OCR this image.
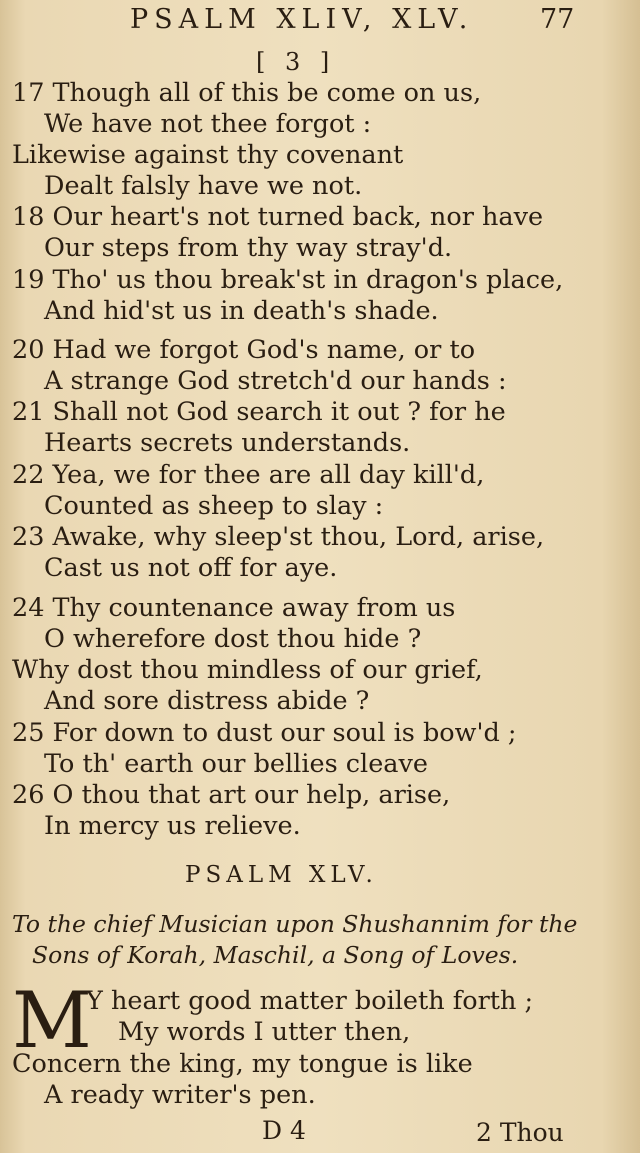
PSALM XLIV, XLV. 77
[ 3 ]
17 Though all of this be come on us,
We have not thee forgot :
Likewise against thy covenant
Dealt falsly have we not.
18 Our heart's not turned back, nor have
Our steps from thy way stray'd.
19 Tho' us thou break'st in dragon's place,
And hid'st us in death's shade.
20 Had we forgot God's name, or to
A strange God stretch'd our hands :
21 Shall not God search it out ? for he
Hearts secrets understands.
22 Yea, we for thee are all day kill'd,
Counted as sheep to slay :
23 Awake, why sleep'st thou, Lord, arise,
Cast us not off for aye.
24 Thy countenance away from us
O wherefore dost thou hide ?
Why dost thou mindless of our grief,
And sore distress abide ?
25 For down to dust our soul is bow'd ;
To th' earth our bellies cleave
26 O thou that art our help, arise,
In mercy us relieve.
PSALM XLV.
To the chief Musician upon Shushannim for the
Sons of Korah, Maschil, a Song of Loves.
M
Y heart good matter boileth forth ;
My words I utter then,
Concern the king, my tongue is like
A ready writer's pen.
D 4	2 Thou
